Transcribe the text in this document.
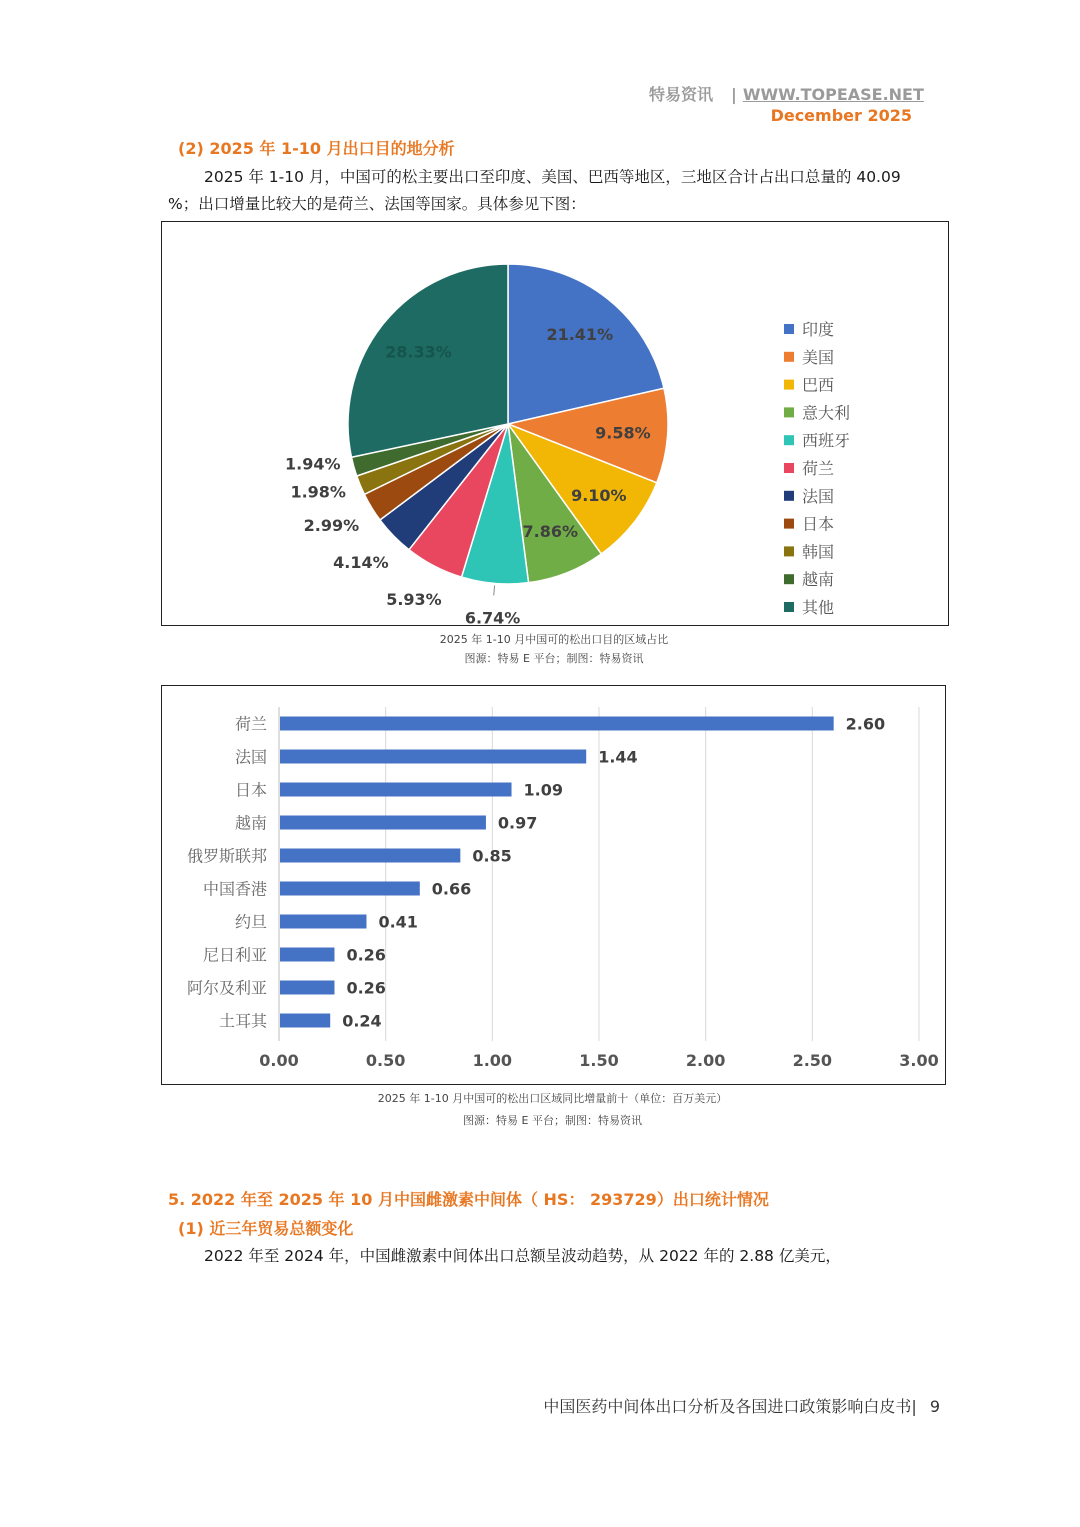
特易资讯 | WWW.TOPEASE.NET
December 2025
(2) 2025 年 1-10 月出口目的地分析
2025 年 1-10 月，中国可的松主要出口至印度、美国、巴西等地区，三地区合计占出口总量的 40.09 %；出口增量比较大的是荷兰、法国等国家。具体参见下图：
21.41%
9.58%
9.10%
7.86%
6.74%
5.93%
4.14%
2.99%
1.98%
1.94%
28.33%
印度
美国
巴西
意大利
西班牙
荷兰
法国
日本
韩国
越南
其他
2025 年 1-10 月中国可的松出口目的区域占比
图源：特易 E 平台；制图：特易资讯
0.00	0.50	1.00	1.50	2.00	2.50	3.00
荷兰	2.60
法国	1.44
日本	1.09
越南	0.97
俄罗斯联邦	0.85
中国香港	0.66
约旦	0.41
尼日利亚	0.26
阿尔及利亚	0.26
土耳其	0.24
2025 年 1-10 月中国可的松出口区域同比增量前十（单位：百万美元）
图源：特易 E 平台；制图：特易资讯
5. 2022 年至 2025 年 10 月中国雌激素中间体（ HS： 293729）出口统计情况
(1) 近三年贸易总额变化
2022 年至 2024 年，中国雌激素中间体出口总额呈波动趋势，从 2022 年的 2.88 亿美元，
中国医药中间体出口分析及各国进口政策影响白皮书| 9
